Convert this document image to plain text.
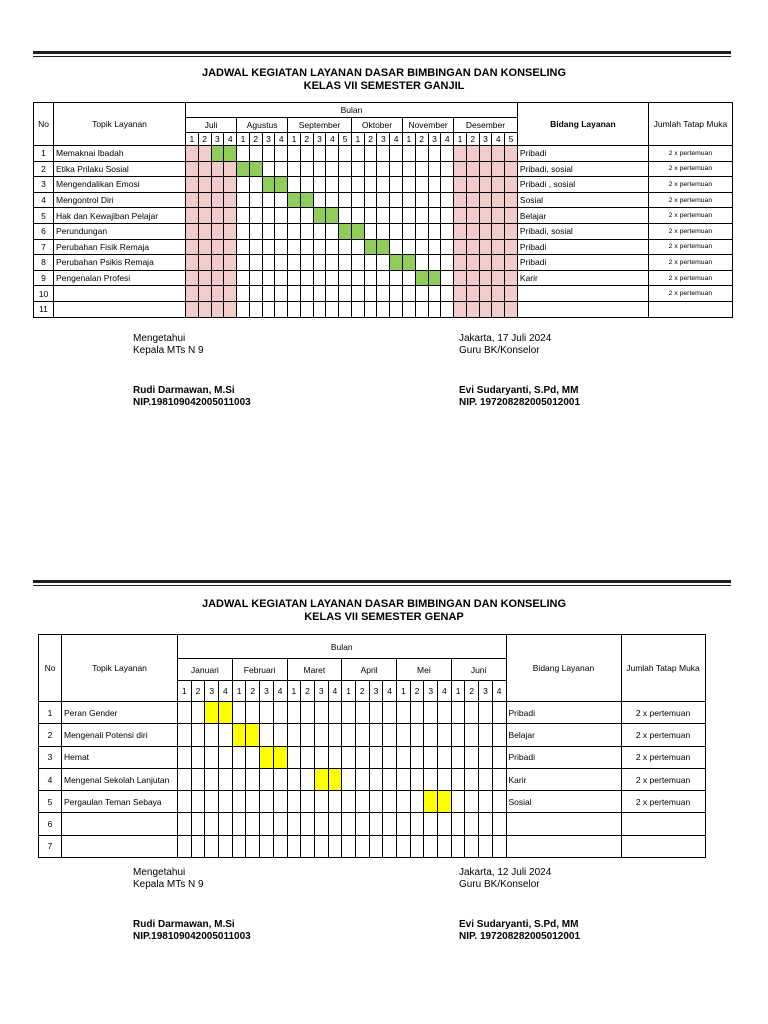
JADWAL KEGIATAN LAYANAN DASAR BIMBINGAN DAN KONSELING
KELAS VII SEMESTER GANJIL
No	Topik Layanan	Bulan																										Bidang Layanan	Jumlah Tatap Muka
		Juli				Agustus				September					Oktober				November				Desember						
		1	2	3	4	1	2	3	4	1	2	3	4	5	1	2	3	4	1	2	3	4	1	2	3	4	5		
1	Memaknai Ibadah																											Pribadi	2 x pertemuan
2	Etika Prilaku Sosial																											Pribadi, sosial	2 x pertemuan
3	Mengendalikan Emosi																											Pribadi , sosial	2 x pertemuan
4	Mengontrol Diri																											Sosial	2 x pertemuan
5	Hak dan Kewajiban Pelajar																											Belajar	2 x pertemuan
6	Perundungan																											Pribadi, sosial	2 x pertemuan
7	Perubahan Fisik Remaja																											Pribadi	2 x pertemuan
8	Perubahan Psikis Remaja																											Pribadi	2 x pertemuan
9	Pengenalan Profesi																											Karir	2 x pertemuan
10																													2 x pertemuan
11																													
Mengetahui
Kepala MTs N 9
Rudi Darmawan, M.Si
NIP.198109042005011003
Jakarta, 17 Juli 2024
Guru BK/Konselor
Evi Sudaryanti, S.Pd, MM
NIP. 197208282005012001
JADWAL KEGIATAN LAYANAN DASAR BIMBINGAN DAN KONSELING
KELAS VII SEMESTER GENAP
No	Topik Layanan	Bulan																								Bidang Layanan	Jumlah Tatap Muka
		Januari				Februari				Maret				April				Mei				Juni					
		1	2	3	4	1	2	3	4	1	2	3	4	1	2	3	4	1	2	3	4	1	2	3	4		
1	Peran Gender																									Pribadi	2 x pertemuan
2	Mengenali Potensi diri																									Belajar	2 x pertemuan
3	Hemat																									Pribadi	2 x pertemuan
4	Mengenal Sekolah Lanjutan																									Karir	2 x pertemuan
5	Pergaulan Teman Sebaya																									Sosial	2 x pertemuan
6																											
7																											
Mengetahui
Kepala MTs N 9
Rudi Darmawan, M.Si
NIP.198109042005011003
Jakarta, 12 Juli 2024
Guru BK/Konselor
Evi Sudaryanti, S.Pd, MM
NIP. 197208282005012001
